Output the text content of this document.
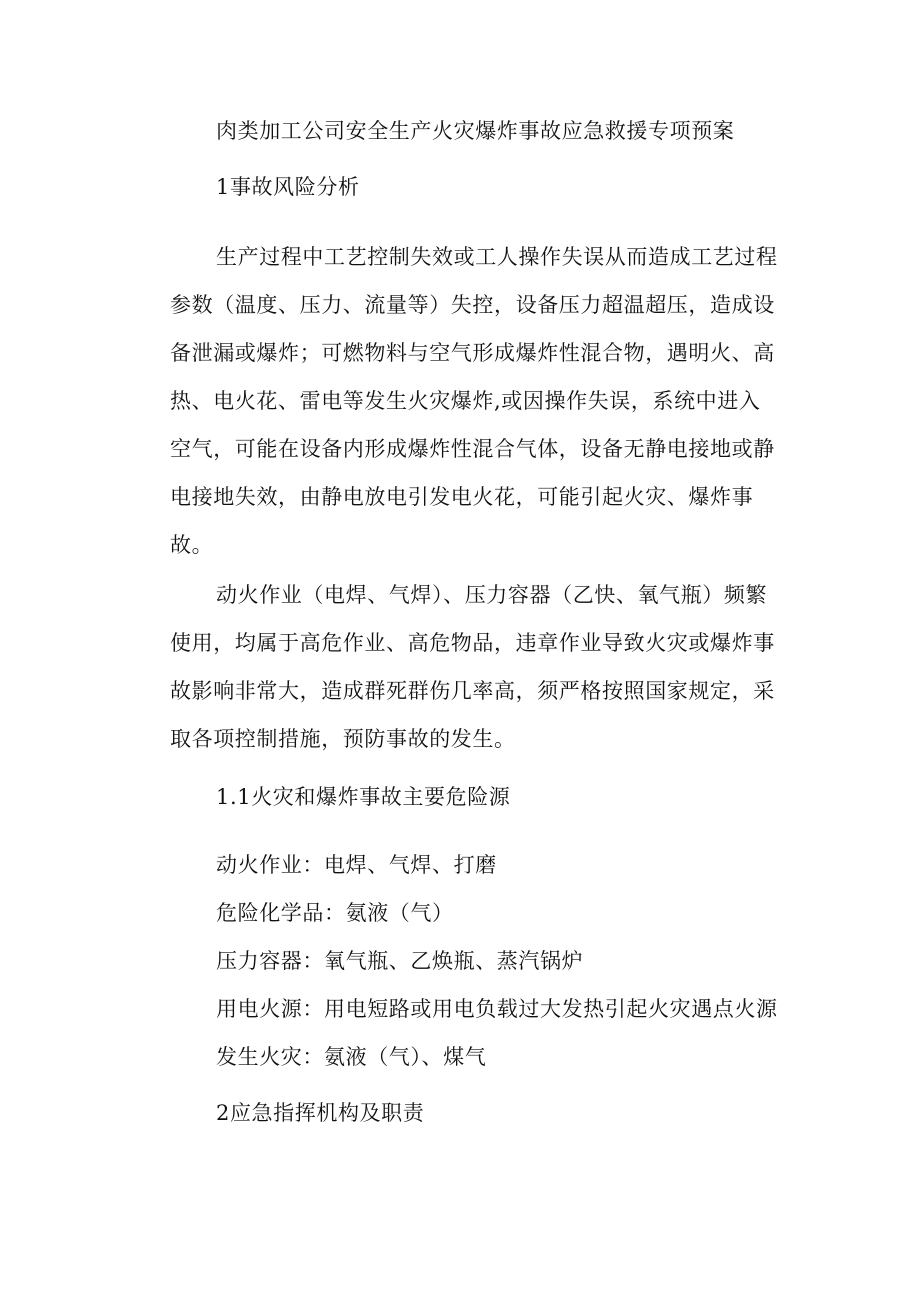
肉类加工公司安全生产火灾爆炸事故应急救援专项预案
1事故风险分析
生产过程中工艺控制失效或工人操作失误从而造成工艺过程
参数（温度、压力、流量等）失控，设备压力超温超压，造成设
备泄漏或爆炸；可燃物料与空气形成爆炸性混合物，遇明火、高
热、电火花、雷电等发生火灾爆炸,或因操作失误，系统中进入
空气，可能在设备内形成爆炸性混合气体，设备无静电接地或静
电接地失效，由静电放电引发电火花，可能引起火灾、爆炸事
故。
动火作业（电焊、气焊）、压力容器（乙快、氧气瓶）频繁
使用，均属于高危作业、高危物品，违章作业导致火灾或爆炸事
故影响非常大，造成群死群伤几率高，须严格按照国家规定，采
取各项控制措施，预防事故的发生。
1.1火灾和爆炸事故主要危险源
动火作业：电焊、气焊、打磨
危险化学品：氨液（气）
压力容器：氧气瓶、乙焕瓶、蒸汽锅炉
用电火源：用电短路或用电负载过大发热引起火灾遇点火源
发生火灾：氨液（气）、煤气
2应急指挥机构及职责
